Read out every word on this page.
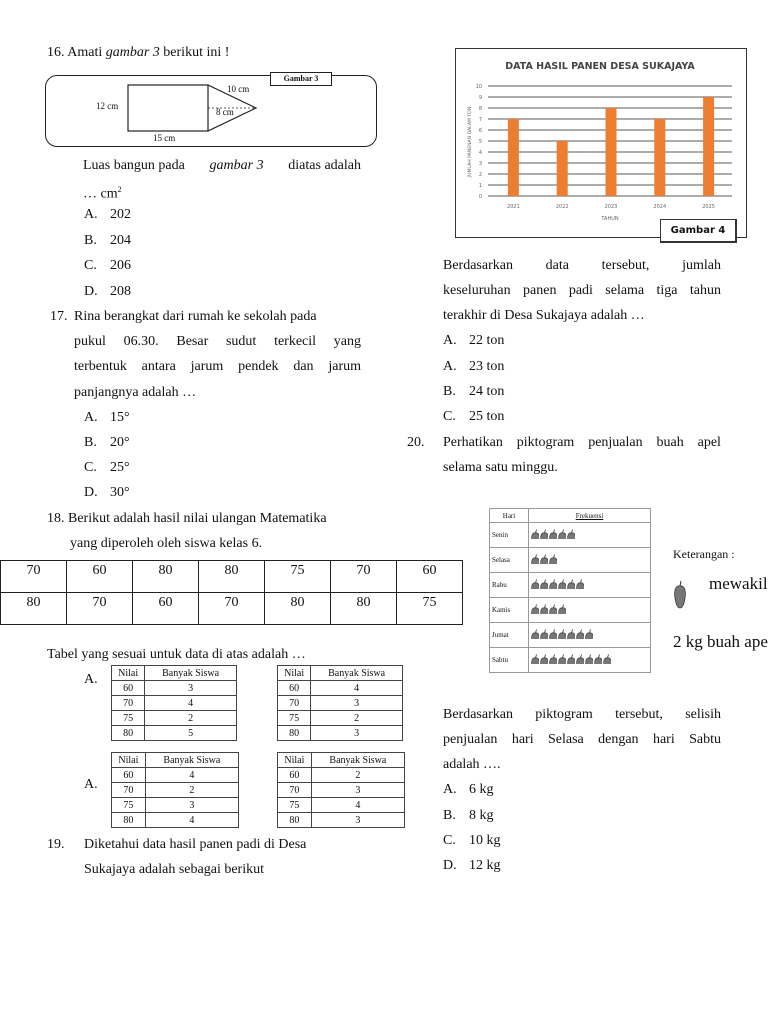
16. Amati gambar 3 berikut ini !
Gambar 3
12 cm
15 cm
10 cm
8 cm
Luas bangun pada gambar 3 diatas adalah
… $cm^2$
A. 202
B. 204
C. 206
D. 208
17. Rina berangkat dari rumah ke sekolah pada
pukul 06.30. Besar sudut terkecil yang
terbentuk antara jarum pendek dan jarum
panjangnya adalah …
A. 15°
B. 20°
C. 25°
D. 30°
18. Berikut adalah hasil nilai ulangan Matematika
yang diperoleh oleh siswa kelas 6.
70	60	80	80	75	70	60
80	70	60	70	80	80	75
Tabel yang sesuai untuk data di atas adalah …
A.
A.
Nilai	Banyak Siswa
60	3
70	4
75	2
80	5
Nilai	Banyak Siswa
60	4
70	3
75	2
80	3
Nilai	Banyak Siswa
60	4
70	2
75	3
80	4
Nilai	Banyak Siswa
60	2
70	3
75	4
80	3
19. Diketahui data hasil panen padi di Desa
Sukajaya adalah sebagai berikut
DATA HASIL PANEN DESA SUKAJAYA
0
1
2
3
4
5
6
7
8
9
10
2021	2022	2023	2024	2025
TAHUN
JUMLAH PANENAN DALAM TON
Gambar 4
Berdasarkan data tersebut, jumlah
keseluruhan panen padi selama tiga tahun
terakhir di Desa Sukajaya adalah …
A. 22 ton
A. 23 ton
B. 24 ton
C. 25 ton
20. Perhatikan piktogram penjualan buah apel
selama satu minggu.
Hari	Frekuensi
Senin	
Selasa	
Rabu	
Kamis	
Jumat	
Sabtu	
Keterangan :
mewakil
2 kg buah ape
Berdasarkan piktogram tersebut, selisih
penjualan hari Selasa dengan hari Sabtu
adalah ….
A. 6 kg
B. 8 kg
C. 10 kg
D. 12 kg
